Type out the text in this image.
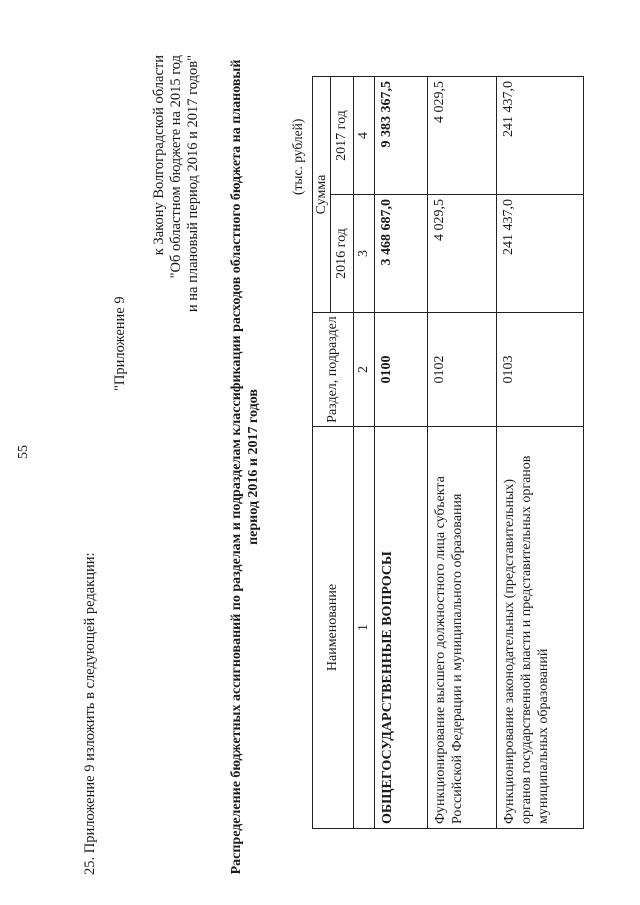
55
25. Приложение 9 изложить в следующей редакции:
"Приложение 9
к Закону Волгоградской области "Об областном бюджете на 2015 год и на плановый период 2016 и 2017 годов" Распределение бюджетных ассигнований по разделам и подразделам классификации расходов областного бюджета на плановый период 2016 и 2017 годов
(тыс. рублей)
Наименование	Раздел, подраздел	Сумма	
		2016 год	2017 год
1	2	3	4
ОБЩЕГОСУДАРСТВЕННЫЕ ВОПРОСЫ	0100	3 468 687,0	9 383 367,5
Функционирование высшего должностного лица субъекта Российской Федерации и муниципального образования	0102	4 029,5	4 029,5
Функционирование законодательных (представительных) органов государственной власти и представительных органов муниципальных образований	0103	241 437,0	241 437,0
